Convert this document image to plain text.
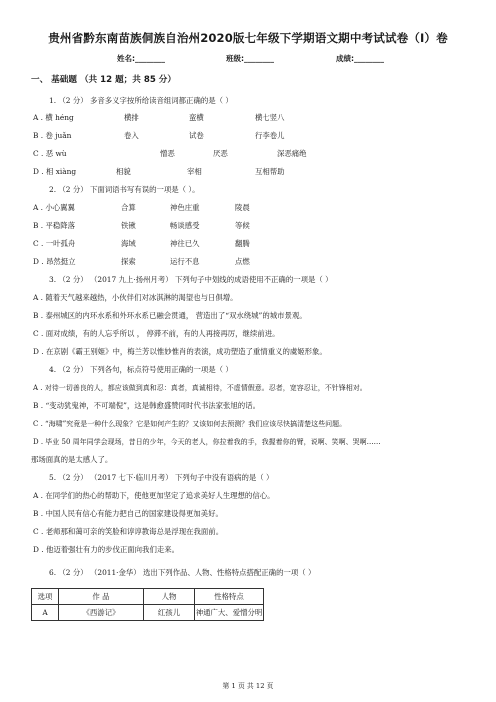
贵州省黔东南苗族侗族自治州2020版七年级下学期语文期中考试试卷（I）卷
姓名:________	班级:________	成绩:________
一、 基础题 （共 12 题；共 85 分）
1. （2 分） 多音多义字按所给读音组词都正确的是（ ）
A . 横 héng	横排	蛮横	横七竖八
B . 卷 juǎn	卷入	试卷	行李卷儿
C . 恶 wù	憎恶	厌恶	深恶痛绝
D . 相 xiàng	相貌	宰相	互相帮助
2. （2 分） 下面词语书写有误的一项是（ ）。
A . 小心翼翼	合算	神色庄重	陵晨
B . 平稳降落	铁锹	畅谈感受	等候
C . 一叶孤舟	海域	神往已久	翻腾
D . 昂然挺立	探索	运行不息	点燃
3. （2 分） （2017 九上·扬州月考） 下列句子中划线的成语使用不正确的一项是（ ）
A . 随着天气越来越热，小伙伴们对冰淇淋的渴望也与日俱增。
B . 泰州城区的内环水系和外环水系已融会贯通， 营造出了“双水绕城”的城市景观。
C . 面对成绩，有的人忘乎所以 ， 停滞不前，有的人再接再厉，继续前进。
D . 在京剧《霸王别姬》中，梅兰芳以惟妙惟肖的表演，成功塑造了重情重义的虞姬形象。
4. （2 分） 下列各句，标点符号使用正确的一项是（ ）
A . 对待一切善良的人，都应该做到真和忍：真者，真诚相待，不虚情假意。忍者，宽容忍让，不针锋相对。
B . “变动犹鬼神，不可端倪”，这是韩愈盛赞同时代书法家张旭的话。
C . “海啸”究竟是一种什么现象？它是如何产生的？又该如何去预测？我们应该尽快搞清楚这些问题。
D . 毕业 50 周年同学会现场，昔日的少年，今天的老人，你拉着我的手，我握着你的臂，说啊、笑啊、哭啊……
那场面真的是太感人了。
5. （2 分） （2017 七下·临川月考） 下列句子中没有语病的是（ ）
A . 在同学们的热心的帮助下，使他更加坚定了追求美好人生理想的信心。
B . 中国人民有信心有能力把自己的国家建设得更加美好。
C . 老师那和蔼可亲的笑脸和谆谆教诲总是浮现在我面前。
D . 他迈着强壮有力的步伐正面向我们走来。
6. （2 分） （2011·金华） 选出下列作品、人物、性格特点搭配正确的一项（ ）
选项	作 品	人物	性格特点
A	《西游记》	红孩儿	神通广大、爱憎分明
第 1 页 共 12 页
